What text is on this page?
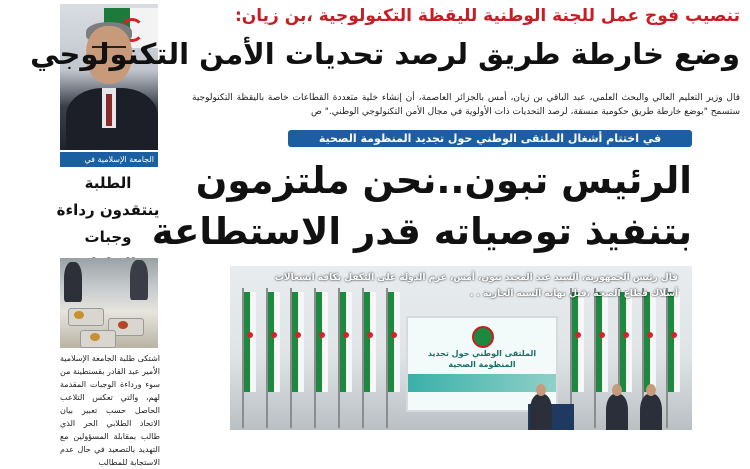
تنصيب فوج عمل للجنة الوطنية لليقظة التكنولوجية ،بن زيان:
وضع خارطة طريق لرصد تحديات الأمن التكنولوجي
قال وزير التعليم العالي والبحث العلمي، عبد الباقي بن زيان، أمس بالجزائر العاصمة، أن إنشاء خلية متعددة القطاعات خاصة باليقظة التكنولوجية ستسمح "بوضع خارطة طريق حكومية منسقة، لرصد التحديات ذات الأولوية في مجال الأمن التكنولوجي الوطني." ص
الجامعة الإسلامية في قسنطينة
الطلبة ينتقدون رداءة وجبات
اشتكى طلبة الجامعة الإسلامية الأمير عبد القادر بقسنطينة من سوء ورداءة الوجبات المقدمة لهم، والتي تعكس التلاعب الحاصل حسب تعبير بيان الاتحاد الطلابي الحر الذي طالب بمقابلة المسؤولين مع التهديد بالتصعيد في حال عدم الاستجابة للمطالب
في اختتام أشغال الملتقى الوطني حول تجديد المنظومة الصحية
الرئيس تبون..نحن ملتزمون
بتنفيذ توصياته قدر الاستطاعة
الملتقى الوطني حول تجديد المنظومة الصحية
قال رئيس الجمهورية، السيد عبد المجيد تبون، أمس، عزم الدولة على التكفل بكافة انشغالات أسلاك قطاع الصحة ،قبل نهاية السنة الجارية . .
